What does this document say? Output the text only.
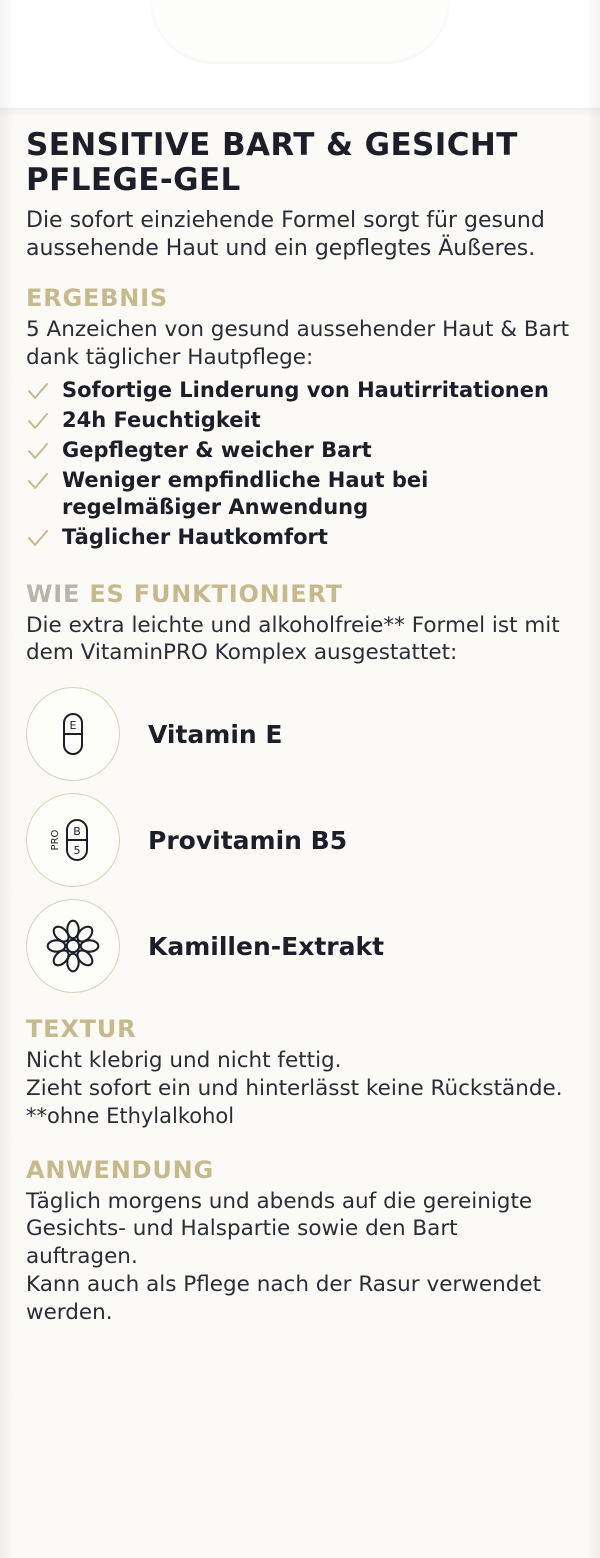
SENSITIVE BART & GESICHT
PFLEGE-GEL

Die sofort einziehende Formel sorgt für gesund aussehende Haut und ein gepflegtes Äußeres.

ERGEBNIS

5 Anzeichen von gesund aussehender Haut & Bart dank täglicher Hautpflege:

Sofortige Linderung von Hautirritationen
24h Feuchtigkeit
Gepflegter & weicher Bart
Weniger empfindliche Haut bei regelmäßiger Anwendung
Täglicher Hautkomfort
WIE ES FUNKTIONIERT

Die extra leichte und alkoholfreie** Formel ist mit dem VitaminPRO Komplex ausgestattet:

E	Vitamin E
B
5
PRO	Provitamin B5
Kamillen-Extrakt
TEXTUR

Nicht klebrig und nicht fettig.

Zieht sofort ein und hinterlässt keine Rückstände.

**ohne Ethylalkohol

ANWENDUNG

Täglich morgens und abends auf die gereinigte Gesichts- und Halspartie sowie den Bart auftragen.

Kann auch als Pflege nach der Rasur verwendet werden.
